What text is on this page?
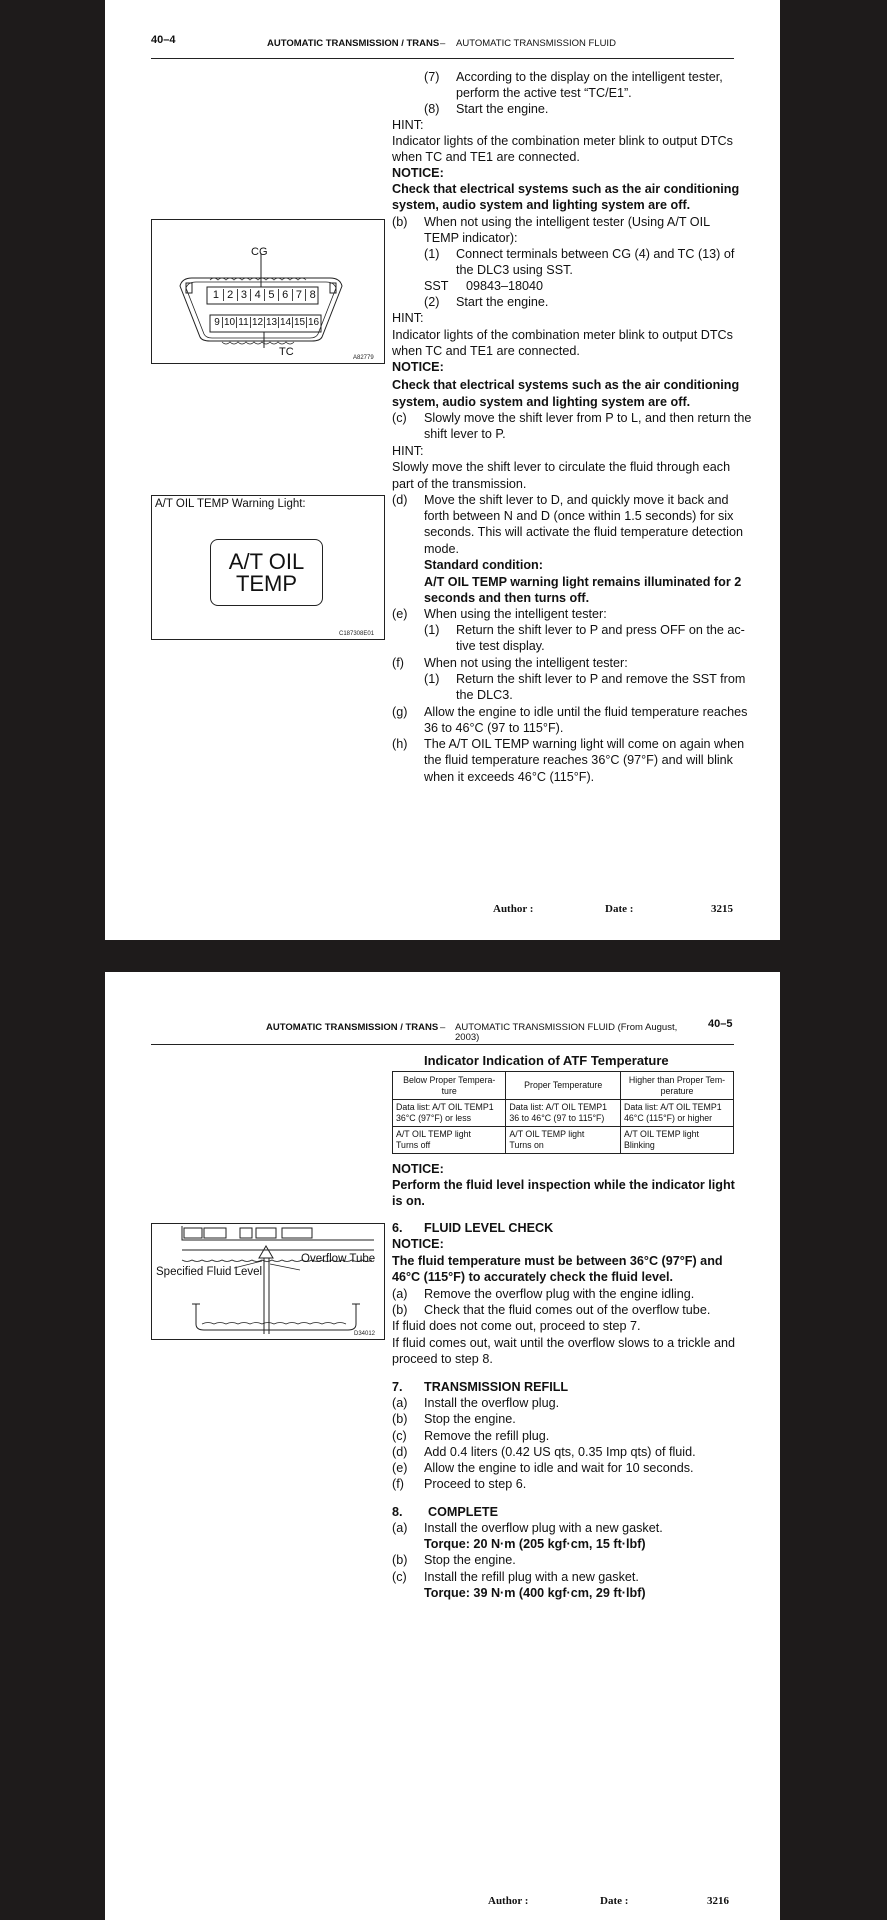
40–4	AUTOMATIC TRANSMISSION / TRANS – AUTOMATIC TRANSMISSION FLUID
CG
TC
1 2 3 4 5 6 7 8
9 10 11 12 13 14 15 16
A82779
A/T OIL TEMP Warning Light:
A/T OIL
TEMP
C187308E01
(7) According to the display on the intelligent tester,
perform the active test “TC/E1”.
(8) Start the engine.
HINT:
Indicator lights of the combination meter blink to output DTCs
when TC and TE1 are connected.
NOTICE:
Check that electrical systems such as the air conditioning
system, audio system and lighting system are off.
(b) When not using the intelligent tester (Using A/T OIL
TEMP indicator):
(1) Connect terminals between CG (4) and TC (13) of
the DLC3 using SST.
SST 09843–18040
(2) Start the engine.
HINT:
Indicator lights of the combination meter blink to output DTCs
when TC and TE1 are connected.
NOTICE:
Check that electrical systems such as the air conditioning
system, audio system and lighting system are off.
(c) Slowly move the shift lever from P to L, and then return the
shift lever to P.
HINT:
Slowly move the shift lever to circulate the fluid through each
part of the transmission.
(d) Move the shift lever to D, and quickly move it back and
forth between N and D (once within 1.5 seconds) for six
seconds. This will activate the fluid temperature detection
mode.
Standard condition:
A/T OIL TEMP warning light remains illuminated for 2
seconds and then turns off.
(e) When using the intelligent tester:
(1) Return the shift lever to P and press OFF on the ac-
tive test display.
(f) When not using the intelligent tester:
(1) Return the shift lever to P and remove the SST from
the DLC3.
(g) Allow the engine to idle until the fluid temperature reaches
36 to 46°C (97 to 115°F).
(h) The A/T OIL TEMP warning light will come on again when
the fluid temperature reaches 36°C (97°F) and will blink
when it exceeds 46°C (115°F).
Author :	Date :	3215
AUTOMATIC TRANSMISSION / TRANS – AUTOMATIC TRANSMISSION FLUID (From August,
2003)
40–5
Indicator Indication of ATF Temperature
Below Proper Tempera-
ture	Proper Temperature	Higher than Proper Tem-
perature
Data list: A/T OIL TEMP1
36°C (97°F) or less	Data list: A/T OIL TEMP1
36 to 46°C (97 to 115°F)	Data list: A/T OIL TEMP1
46°C (115°F) or higher
A/T OIL TEMP light
Turns off	A/T OIL TEMP light
Turns on	A/T OIL TEMP light
Blinking
Specified Fluid Level
Overflow Tube
D34012
NOTICE:
Perform the fluid level inspection while the indicator light
is on.
6. FLUID LEVEL CHECK
NOTICE:
The fluid temperature must be between 36°C (97°F) and
46°C (115°F) to accurately check the fluid level.
(a) Remove the overflow plug with the engine idling.
(b) Check that the fluid comes out of the overflow tube.
If fluid does not come out, proceed to step 7.
If fluid comes out, wait until the overflow slows to a trickle and
proceed to step 8.
7. TRANSMISSION REFILL
(a) Install the overflow plug.
(b) Stop the engine.
(c) Remove the refill plug.
(d) Add 0.4 liters (0.42 US qts, 0.35 Imp qts) of fluid.
(e) Allow the engine to idle and wait for 10 seconds.
(f) Proceed to step 6.
8. COMPLETE
(a) Install the overflow plug with a new gasket.
Torque: 20 N·m (205 kgf·cm, 15 ft·lbf)
(b) Stop the engine.
(c) Install the refill plug with a new gasket.
Torque: 39 N·m (400 kgf·cm, 29 ft·lbf)
Author :	Date :	3216
